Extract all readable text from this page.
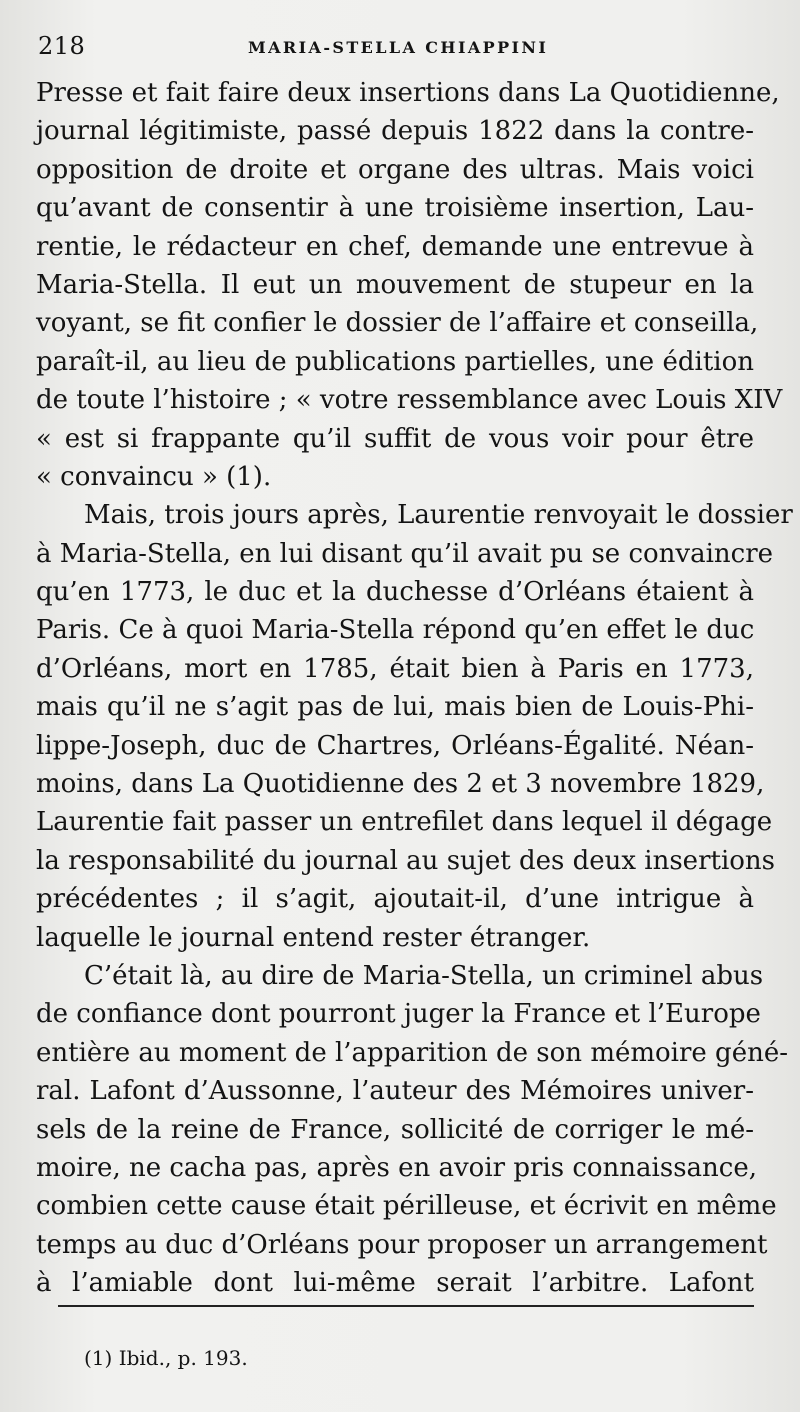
218	MARIA-STELLA CHIAPPINI
Presse et fait faire deux insertions dans La Quotidienne,
journal légitimiste, passé depuis 1822 dans la contre-
opposition de droite et organe des ultras. Mais voici
qu’avant de consentir à une troisième insertion, Lau-
rentie, le rédacteur en chef, demande une entrevue à
Maria-Stella. Il eut un mouvement de stupeur en la
voyant, se fit confier le dossier de l’affaire et conseilla,
paraît-il, au lieu de publications partielles, une édition
de toute l’histoire ; « votre ressemblance avec Louis XIV
« est si frappante qu’il suffit de vous voir pour être
« convaincu » (1).
Mais, trois jours après, Laurentie renvoyait le dossier
à Maria-Stella, en lui disant qu’il avait pu se convaincre
qu’en 1773, le duc et la duchesse d’Orléans étaient à
Paris. Ce à quoi Maria-Stella répond qu’en effet le duc
d’Orléans, mort en 1785, était bien à Paris en 1773,
mais qu’il ne s’agit pas de lui, mais bien de Louis-Phi-
lippe-Joseph, duc de Chartres, Orléans-Égalité. Néan-
moins, dans La Quotidienne des 2 et 3 novembre 1829,
Laurentie fait passer un entrefilet dans lequel il dégage
la responsabilité du journal au sujet des deux insertions
précédentes ; il s’agit, ajoutait-il, d’une intrigue à
laquelle le journal entend rester étranger.
C’était là, au dire de Maria-Stella, un criminel abus
de confiance dont pourront juger la France et l’Europe
entière au moment de l’apparition de son mémoire géné-
ral. Lafont d’Aussonne, l’auteur des Mémoires univer-
sels de la reine de France, sollicité de corriger le mé-
moire, ne cacha pas, après en avoir pris connaissance,
combien cette cause était périlleuse, et écrivit en même
temps au duc d’Orléans pour proposer un arrangement
à l’amiable dont lui-même serait l’arbitre. Lafont
(1) Ibid., p. 193.
